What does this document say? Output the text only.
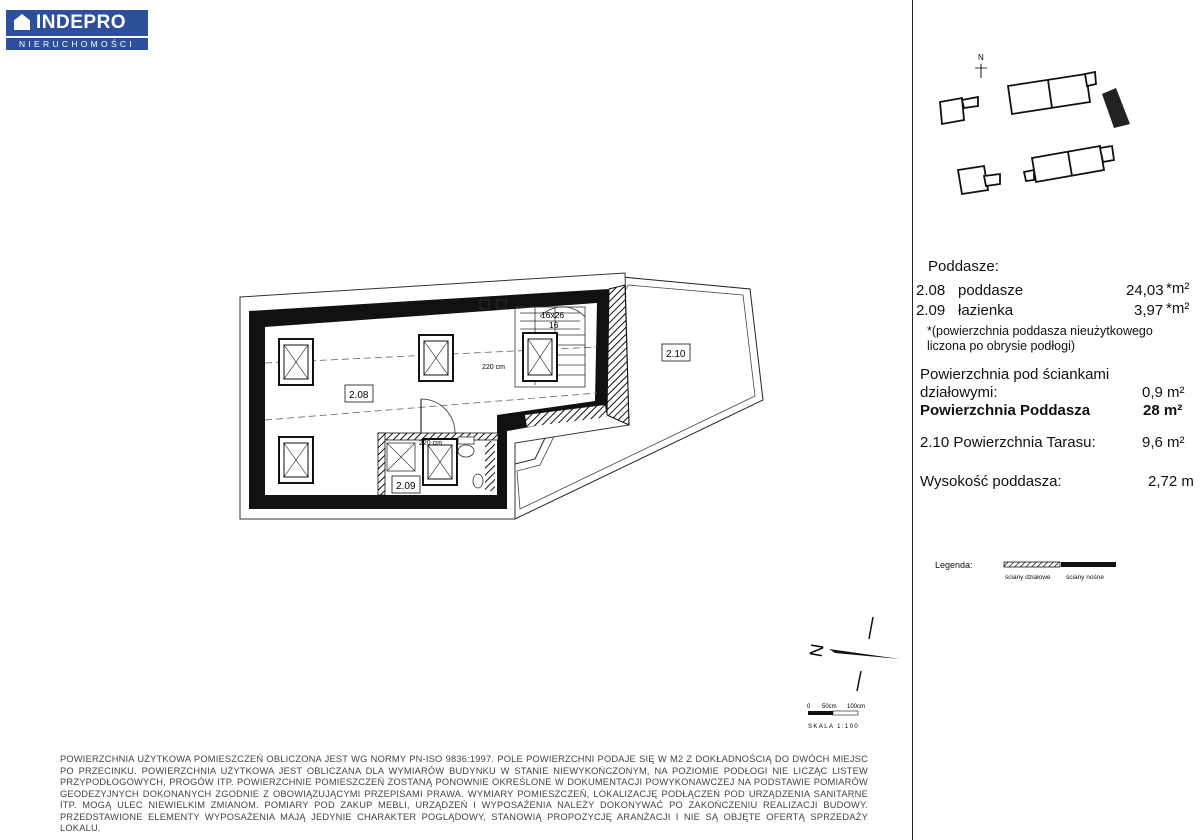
INDEPRO
NIERUCHOMOŚCI
N
16x26
16
220 cm
220 cm
2.08
2.09
2.10
Poddasze:
2.08 poddasze	24,03 *m²
2.09 łazienka	3,97 *m²
*(powierzchnia poddasza nieużytkowego liczona po obrysie podłogi)
Powierzchnia pod ściankami
działowymi:	0,9 m²
Powierzchnia Poddasza	28 m²
2.10 Powierzchnia Tarasu:	9,6 m²
Wysokość poddasza:	2,72 m
Legenda:
ściany działowe ściany nośne
N
0 50cm 100cm
SKALA 1:100
POWIERZCHNIA UŻYTKOWA POMIESZCZEŃ OBLICZONA JEST WG NORMY PN-ISO 9836:1997. POLE POWIERZCHNI PODAJE SIĘ W M2 Z DOKŁADNOŚCIĄ DO DWÓCH MIEJSC PO PRZECINKU. POWIERZCHNIA UŻYTKOWA JEST OBLICZANA DLA WYMIARÓW BUDYNKU W STANIE NIEWYKOŃCZONYM, NA POZIOMIE PODŁOGI NIE LICZĄC LISTEW PRZYPODŁOGOWYCH, PROGÓW ITP. POWIERZCHNIE POMIESZCZEŃ ZOSTANĄ PONOWNIE OKREŚLONE W DOKUMENTACJI POWYKONAWCZEJ NA PODSTAWIE POMIARÓW GEODEZYJNYCH DOKONANYCH ZGODNIE Z OBOWIĄZUJĄCYMI PRZEPISAMI PRAWA. WYMIARY POMIESZCZEŃ, LOKALIZACJĘ PODŁĄCZEŃ POD URZĄDZENIA SANITARNE ITP. MOGĄ ULEC NIEWIELKIM ZMIANOM. POMIARY POD ZAKUP MEBLI, URZĄDZEŃ I WYPOSAŻENIA NALEŻY DOKONYWAĆ PO ZAKOŃCZENIU REALIZACJI BUDOWY. PRZEDSTAWIONE ELEMENTY WYPOSAŻENIA MAJĄ JEDYNIE CHARAKTER POGLĄDOWY, STANOWIĄ PROPOZYCJĘ ARANŻACJI I NIE SĄ OBJĘTE OFERTĄ SPRZEDAŻY LOKALU.
